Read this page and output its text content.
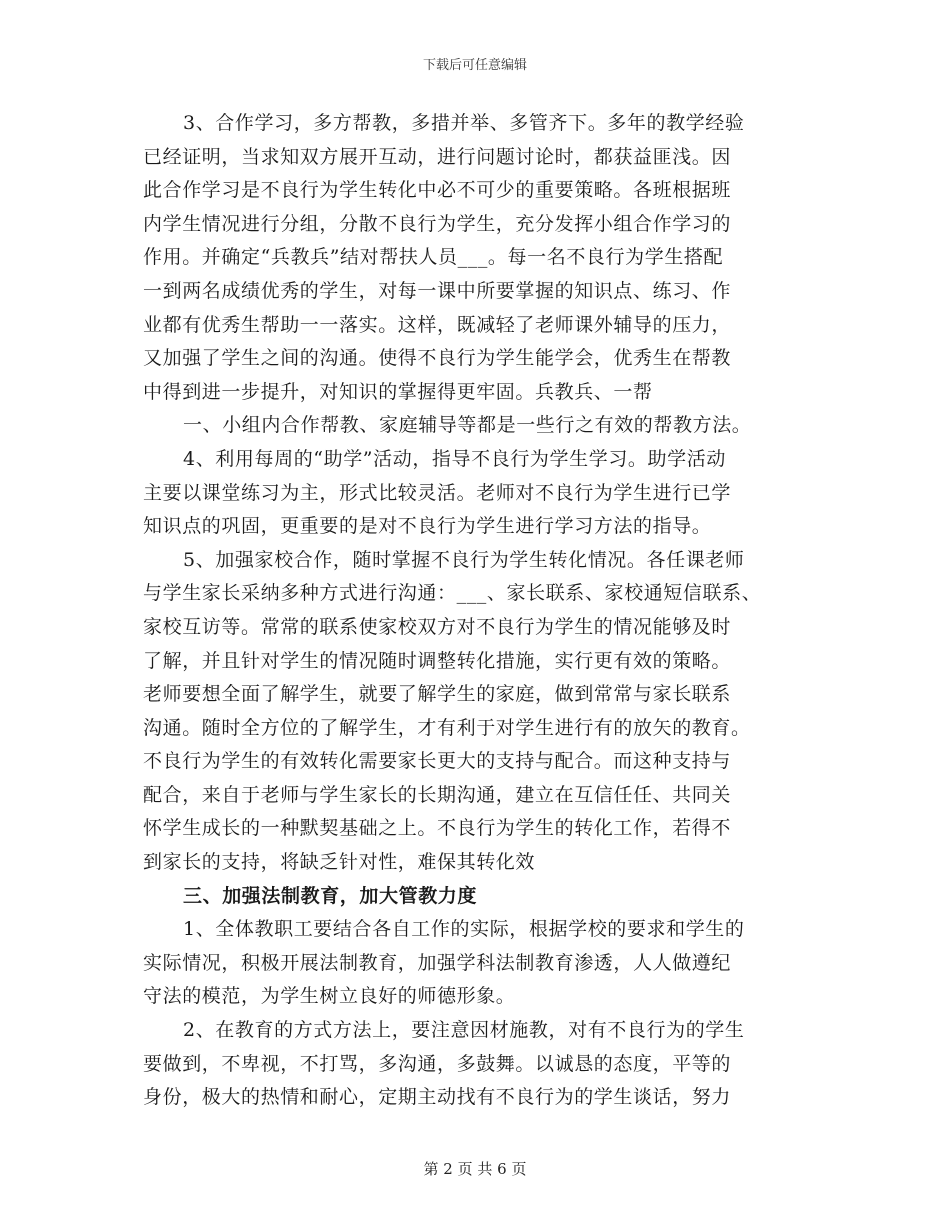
下载后可任意编辑
3、合作学习，多方帮教，多措并举、多管齐下。多年的教学经验
已经证明，当求知双方展开互动，进行问题讨论时，都获益匪浅。因
此合作学习是不良行为学生转化中必不可少的重要策略。各班根据班
内学生情况进行分组，分散不良行为学生，充分发挥小组合作学习的
作用。并确定“兵教兵”结对帮扶人员___。每一名不良行为学生搭配
一到两名成绩优秀的学生，对每一课中所要掌握的知识点、练习、作
业都有优秀生帮助一一落实。这样，既减轻了老师课外辅导的压力，
又加强了学生之间的沟通。使得不良行为学生能学会，优秀生在帮教
中得到进一步提升，对知识的掌握得更牢固。兵教兵、一帮
一、小组内合作帮教、家庭辅导等都是一些行之有效的帮教方法。
4、利用每周的“助学”活动，指导不良行为学生学习。助学活动
主要以课堂练习为主，形式比较灵活。老师对不良行为学生进行已学
知识点的巩固，更重要的是对不良行为学生进行学习方法的指导。
5、加强家校合作，随时掌握不良行为学生转化情况。各任课老师
与学生家长采纳多种方式进行沟通：___、家长联系、家校通短信联系、
家校互访等。常常的联系使家校双方对不良行为学生的情况能够及时
了解，并且针对学生的情况随时调整转化措施，实行更有效的策略。
老师要想全面了解学生，就要了解学生的家庭，做到常常与家长联系
沟通。随时全方位的了解学生，才有利于对学生进行有的放矢的教育。
不良行为学生的有效转化需要家长更大的支持与配合。而这种支持与
配合，来自于老师与学生家长的长期沟通，建立在互信任任、共同关
怀学生成长的一种默契基础之上。不良行为学生的转化工作，若得不
到家长的支持，将缺乏针对性，难保其转化效
三、加强法制教育，加大管教力度
1、全体教职工要结合各自工作的实际，根据学校的要求和学生的
实际情况，积极开展法制教育，加强学科法制教育渗透，人人做遵纪
守法的模范，为学生树立良好的师德形象。
2、在教育的方式方法上，要注意因材施教，对有不良行为的学生
要做到，不卑视，不打骂，多沟通，多鼓舞。以诚恳的态度，平等的
身份，极大的热情和耐心，定期主动找有不良行为的学生谈话，努力
第 2 页 共 6 页
